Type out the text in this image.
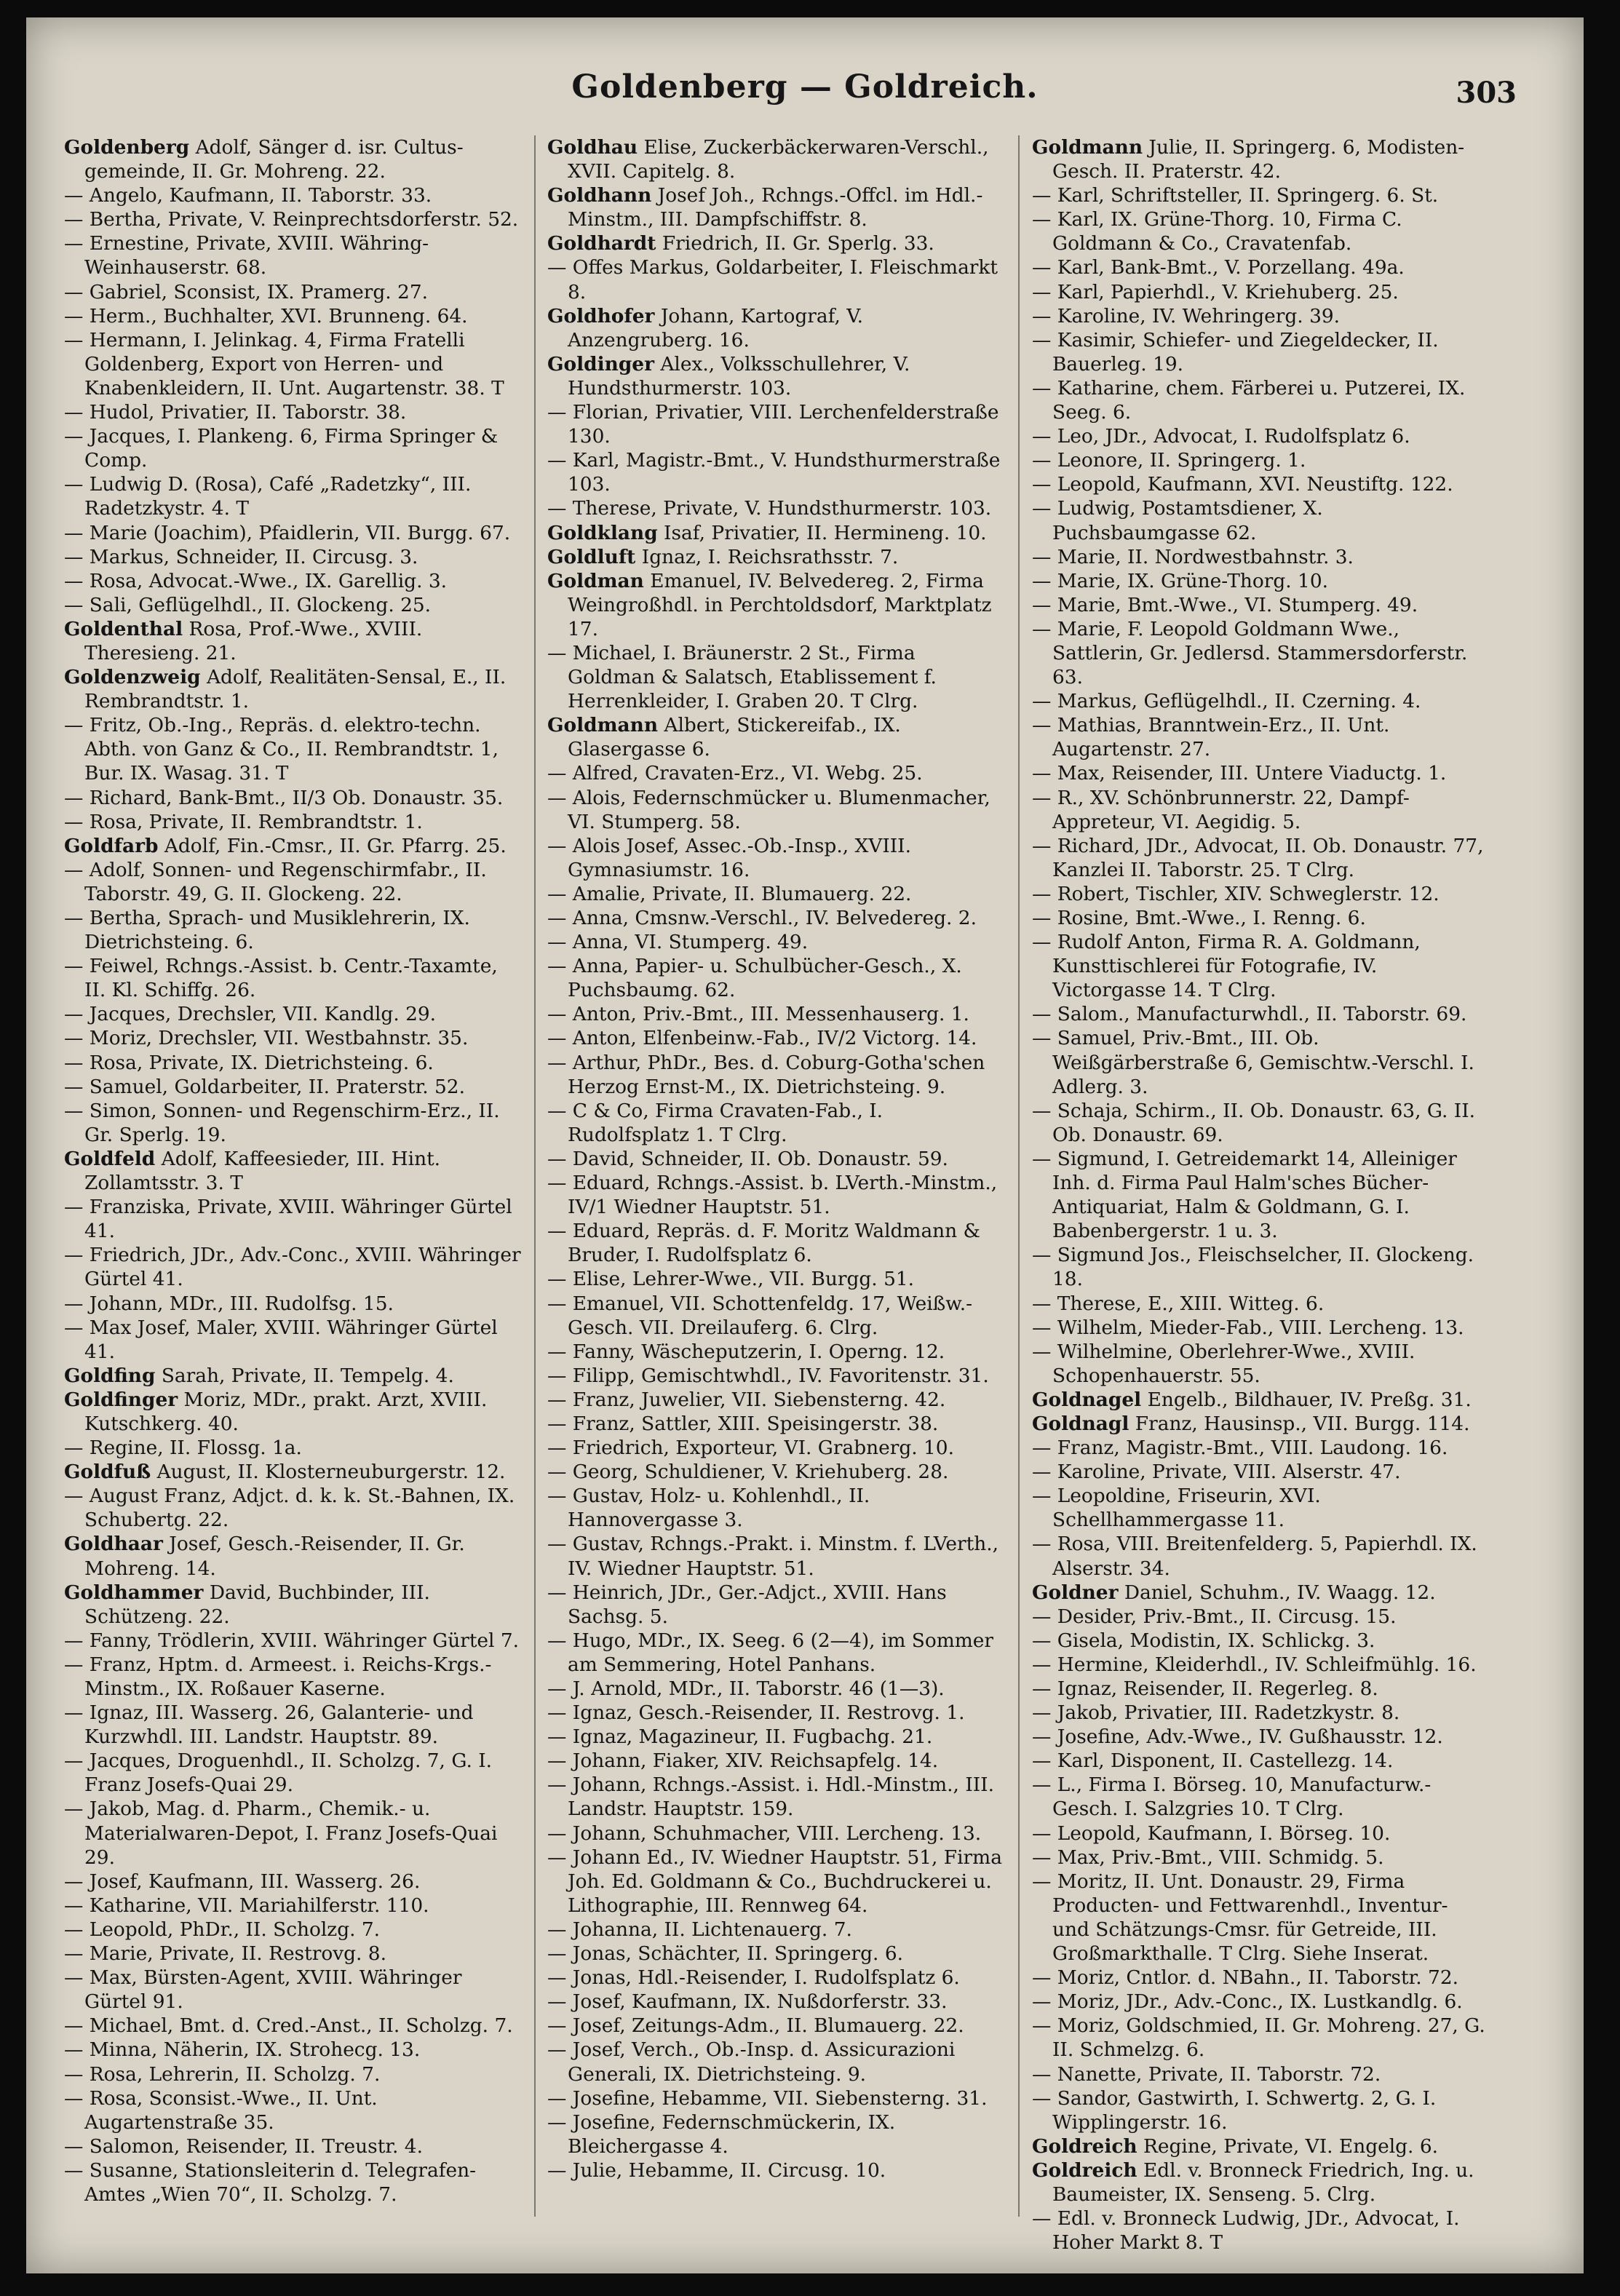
Goldenberg — Goldreich.	303

Goldenberg Adolf, Sänger d. isr. Cultus-gemeinde, II. Gr. Mohreng. 22.

— Angelo, Kaufmann, II. Taborstr. 33.

— Bertha, Private, V. Reinprechtsdorferstr. 52.

— Ernestine, Private, XVIII. Währing-Weinhauserstr. 68.

— Gabriel, Sconsist, IX. Pramerg. 27.

— Herm., Buchhalter, XVI. Brunneng. 64.

— Hermann, I. Jelinkag. 4, Firma Fratelli Goldenberg, Export von Herren- und Knabenkleidern, II. Unt. Augartenstr. 38. T

— Hudol, Privatier, II. Taborstr. 38.

— Jacques, I. Plankeng. 6, Firma Springer & Comp.

— Ludwig D. (Rosa), Café „Radetzky“, III. Radetzkystr. 4. T

— Marie (Joachim), Pfaidlerin, VII. Burgg. 67.

— Markus, Schneider, II. Circusg. 3.

— Rosa, Advocat.-Wwe., IX. Garellig. 3.

— Sali, Geflügelhdl., II. Glockeng. 25.

Goldenthal Rosa, Prof.-Wwe., XVIII. Theresieng. 21.

Goldenzweig Adolf, Realitäten-Sensal, E., II. Rembrandtstr. 1.

— Fritz, Ob.-Ing., Repräs. d. elektro-techn. Abth. von Ganz & Co., II. Rembrandtstr. 1, Bur. IX. Wasag. 31. T

— Richard, Bank-Bmt., II/3 Ob. Donaustr. 35.

— Rosa, Private, II. Rembrandtstr. 1.

Goldfarb Adolf, Fin.-Cmsr., II. Gr. Pfarrg. 25.

— Adolf, Sonnen- und Regenschirmfabr., II. Taborstr. 49, G. II. Glockeng. 22.

— Bertha, Sprach- und Musiklehrerin, IX. Dietrichsteing. 6.

— Feiwel, Rchngs.-Assist. b. Centr.-Taxamte, II. Kl. Schiffg. 26.

— Jacques, Drechsler, VII. Kandlg. 29.

— Moriz, Drechsler, VII. Westbahnstr. 35.

— Rosa, Private, IX. Dietrichsteing. 6.

— Samuel, Goldarbeiter, II. Praterstr. 52.

— Simon, Sonnen- und Regenschirm-Erz., II. Gr. Sperlg. 19.

Goldfeld Adolf, Kaffeesieder, III. Hint. Zollamtsstr. 3. T

— Franziska, Private, XVIII. Währinger Gürtel 41.

— Friedrich, JDr., Adv.-Conc., XVIII. Währinger Gürtel 41.

— Johann, MDr., III. Rudolfsg. 15.

— Max Josef, Maler, XVIII. Währinger Gürtel 41.

Goldfing Sarah, Private, II. Tempelg. 4.

Goldfinger Moriz, MDr., prakt. Arzt, XVIII. Kutschkerg. 40.

— Regine, II. Flossg. 1a.

Goldfuß August, II. Klosterneuburgerstr. 12.

— August Franz, Adjct. d. k. k. St.-Bahnen, IX. Schubertg. 22.

Goldhaar Josef, Gesch.-Reisender, II. Gr. Mohreng. 14.

Goldhammer David, Buchbinder, III. Schützeng. 22.

— Fanny, Trödlerin, XVIII. Währinger Gürtel 7.

— Franz, Hptm. d. Armeest. i. Reichs-Krgs.-Minstm., IX. Roßauer Kaserne.

— Ignaz, III. Wasserg. 26, Galanterie- und Kurzwhdl. III. Landstr. Hauptstr. 89.

— Jacques, Droguenhdl., II. Scholzg. 7, G. I. Franz Josefs-Quai 29.

— Jakob, Mag. d. Pharm., Chemik.- u. Materialwaren-Depot, I. Franz Josefs-Quai 29.

— Josef, Kaufmann, III. Wasserg. 26.

— Katharine, VII. Mariahilferstr. 110.

— Leopold, PhDr., II. Scholzg. 7.

— Marie, Private, II. Restrovg. 8.

— Max, Bürsten-Agent, XVIII. Währinger Gürtel 91.

— Michael, Bmt. d. Cred.-Anst., II. Scholzg. 7.

— Minna, Näherin, IX. Strohecg. 13.

— Rosa, Lehrerin, II. Scholzg. 7.

— Rosa, Sconsist.-Wwe., II. Unt. Augartenstraße 35.

— Salomon, Reisender, II. Treustr. 4.

— Susanne, Stationsleiterin d. Telegrafen-Amtes „Wien 70“, II. Scholzg. 7.

Goldhau Elise, Zuckerbäckerwaren-Verschl., XVII. Capitelg. 8.

Goldhann Josef Joh., Rchngs.-Offcl. im Hdl.-Minstm., III. Dampfschiffstr. 8.

Goldhardt Friedrich, II. Gr. Sperlg. 33.

— Offes Markus, Goldarbeiter, I. Fleischmarkt 8.

Goldhofer Johann, Kartograf, V. Anzengruberg. 16.

Goldinger Alex., Volksschullehrer, V. Hundsthurmerstr. 103.

— Florian, Privatier, VIII. Lerchenfelderstraße 130.

— Karl, Magistr.-Bmt., V. Hundsthurmerstraße 103.

— Therese, Private, V. Hundsthurmerstr. 103.

Goldklang Isaf, Privatier, II. Hermineng. 10.

Goldluft Ignaz, I. Reichsrathsstr. 7.

Goldman Emanuel, IV. Belvedereg. 2, Firma Weingroßhdl. in Perchtoldsdorf, Marktplatz 17.

— Michael, I. Bräunerstr. 2 St., Firma Goldman & Salatsch, Etablissement f. Herrenkleider, I. Graben 20. T Clrg.

Goldmann Albert, Stickereifab., IX. Glasergasse 6.

— Alfred, Cravaten-Erz., VI. Webg. 25.

— Alois, Federnschmücker u. Blumenmacher, VI. Stumperg. 58.

— Alois Josef, Assec.-Ob.-Insp., XVIII. Gymnasiumstr. 16.

— Amalie, Private, II. Blumauerg. 22.

— Anna, Cmsnw.-Verschl., IV. Belvedereg. 2.

— Anna, VI. Stumperg. 49.

— Anna, Papier- u. Schulbücher-Gesch., X. Puchsbaumg. 62.

— Anton, Priv.-Bmt., III. Messenhauserg. 1.

— Anton, Elfenbeinw.-Fab., IV/2 Victorg. 14.

— Arthur, PhDr., Bes. d. Coburg-Gotha'schen Herzog Ernst-M., IX. Dietrichsteing. 9.

— C & Co, Firma Cravaten-Fab., I. Rudolfsplatz 1. T Clrg.

— David, Schneider, II. Ob. Donaustr. 59.

— Eduard, Rchngs.-Assist. b. LVerth.-Minstm., IV/1 Wiedner Hauptstr. 51.

— Eduard, Repräs. d. F. Moritz Waldmann & Bruder, I. Rudolfsplatz 6.

— Elise, Lehrer-Wwe., VII. Burgg. 51.

— Emanuel, VII. Schottenfeldg. 17, Weißw.-Gesch. VII. Dreilauferg. 6. Clrg.

— Fanny, Wäscheputzerin, I. Operng. 12.

— Filipp, Gemischtwhdl., IV. Favoritenstr. 31.

— Franz, Juwelier, VII. Siebensterng. 42.

— Franz, Sattler, XIII. Speisingerstr. 38.

— Friedrich, Exporteur, VI. Grabnerg. 10.

— Georg, Schuldiener, V. Kriehuberg. 28.

— Gustav, Holz- u. Kohlenhdl., II. Hannovergasse 3.

— Gustav, Rchngs.-Prakt. i. Minstm. f. LVerth., IV. Wiedner Hauptstr. 51.

— Heinrich, JDr., Ger.-Adjct., XVIII. Hans Sachsg. 5.

— Hugo, MDr., IX. Seeg. 6 (2—4), im Sommer am Semmering, Hotel Panhans.

— J. Arnold, MDr., II. Taborstr. 46 (1—3).

— Ignaz, Gesch.-Reisender, II. Restrovg. 1.

— Ignaz, Magazineur, II. Fugbachg. 21.

— Johann, Fiaker, XIV. Reichsapfelg. 14.

— Johann, Rchngs.-Assist. i. Hdl.-Minstm., III. Landstr. Hauptstr. 159.

— Johann, Schuhmacher, VIII. Lercheng. 13.

— Johann Ed., IV. Wiedner Hauptstr. 51, Firma Joh. Ed. Goldmann & Co., Buchdruckerei u. Lithographie, III. Rennweg 64.

— Johanna, II. Lichtenauerg. 7.

— Jonas, Schächter, II. Springerg. 6.

— Jonas, Hdl.-Reisender, I. Rudolfsplatz 6.

— Josef, Kaufmann, IX. Nußdorferstr. 33.

— Josef, Zeitungs-Adm., II. Blumauerg. 22.

— Josef, Verch., Ob.-Insp. d. Assicurazioni Generali, IX. Dietrichsteing. 9.

— Josefine, Hebamme, VII. Siebensterng. 31.

— Josefine, Federnschmückerin, IX. Bleichergasse 4.

— Julie, Hebamme, II. Circusg. 10.

Goldmann Julie, II. Springerg. 6, Modisten-Gesch. II. Praterstr. 42.

— Karl, Schriftsteller, II. Springerg. 6. St.

— Karl, IX. Grüne-Thorg. 10, Firma C. Goldmann & Co., Cravatenfab.

— Karl, Bank-Bmt., V. Porzellang. 49a.

— Karl, Papierhdl., V. Kriehuberg. 25.

— Karoline, IV. Wehringerg. 39.

— Kasimir, Schiefer- und Ziegeldecker, II. Bauerleg. 19.

— Katharine, chem. Färberei u. Putzerei, IX. Seeg. 6.

— Leo, JDr., Advocat, I. Rudolfsplatz 6.

— Leonore, II. Springerg. 1.

— Leopold, Kaufmann, XVI. Neustiftg. 122.

— Ludwig, Postamtsdiener, X. Puchsbaumgasse 62.

— Marie, II. Nordwestbahnstr. 3.

— Marie, IX. Grüne-Thorg. 10.

— Marie, Bmt.-Wwe., VI. Stumperg. 49.

— Marie, F. Leopold Goldmann Wwe., Sattlerin, Gr. Jedlersd. Stammersdorferstr. 63.

— Markus, Geflügelhdl., II. Czerning. 4.

— Mathias, Branntwein-Erz., II. Unt. Augartenstr. 27.

— Max, Reisender, III. Untere Viaductg. 1.

— R., XV. Schönbrunnerstr. 22, Dampf-Appreteur, VI. Aegidig. 5.

— Richard, JDr., Advocat, II. Ob. Donaustr. 77, Kanzlei II. Taborstr. 25. T Clrg.

— Robert, Tischler, XIV. Schweglerstr. 12.

— Rosine, Bmt.-Wwe., I. Renng. 6.

— Rudolf Anton, Firma R. A. Goldmann, Kunsttischlerei für Fotografie, IV. Victorgasse 14. T Clrg.

— Salom., Manufacturwhdl., II. Taborstr. 69.

— Samuel, Priv.-Bmt., III. Ob. Weißgärberstraße 6, Gemischtw.-Verschl. I. Adlerg. 3.

— Schaja, Schirm., II. Ob. Donaustr. 63, G. II. Ob. Donaustr. 69.

— Sigmund, I. Getreidemarkt 14, Alleiniger Inh. d. Firma Paul Halm'sches Bücher-Antiquariat, Halm & Goldmann, G. I. Babenbergerstr. 1 u. 3.

— Sigmund Jos., Fleischselcher, II. Glockeng. 18.

— Therese, E., XIII. Witteg. 6.

— Wilhelm, Mieder-Fab., VIII. Lercheng. 13.

— Wilhelmine, Oberlehrer-Wwe., XVIII. Schopenhauerstr. 55.

Goldnagel Engelb., Bildhauer, IV. Preßg. 31.

Goldnagl Franz, Hausinsp., VII. Burgg. 114.

— Franz, Magistr.-Bmt., VIII. Laudong. 16.

— Karoline, Private, VIII. Alserstr. 47.

— Leopoldine, Friseurin, XVI. Schellhammergasse 11.

— Rosa, VIII. Breitenfelderg. 5, Papierhdl. IX. Alserstr. 34.

Goldner Daniel, Schuhm., IV. Waagg. 12.

— Desider, Priv.-Bmt., II. Circusg. 15.

— Gisela, Modistin, IX. Schlickg. 3.

— Hermine, Kleiderhdl., IV. Schleifmühlg. 16.

— Ignaz, Reisender, II. Regerleg. 8.

— Jakob, Privatier, III. Radetzkystr. 8.

— Josefine, Adv.-Wwe., IV. Gußhausstr. 12.

— Karl, Disponent, II. Castellezg. 14.

— L., Firma I. Börseg. 10, Manufacturw.-Gesch. I. Salzgries 10. T Clrg.

— Leopold, Kaufmann, I. Börseg. 10.

— Max, Priv.-Bmt., VIII. Schmidg. 5.

— Moritz, II. Unt. Donaustr. 29, Firma Producten- und Fettwarenhdl., Inventur- und Schätzungs-Cmsr. für Getreide, III. Großmarkthalle. T Clrg. Siehe Inserat.

— Moriz, Cntlor. d. NBahn., II. Taborstr. 72.

— Moriz, JDr., Adv.-Conc., IX. Lustkandlg. 6.

— Moriz, Goldschmied, II. Gr. Mohreng. 27, G. II. Schmelzg. 6.

— Nanette, Private, II. Taborstr. 72.

— Sandor, Gastwirth, I. Schwertg. 2, G. I. Wipplingerstr. 16.

Goldreich Regine, Private, VI. Engelg. 6.

Goldreich Edl. v. Bronneck Friedrich, Ing. u. Baumeister, IX. Senseng. 5. Clrg.

— Edl. v. Bronneck Ludwig, JDr., Advocat, I. Hoher Markt 8. T
